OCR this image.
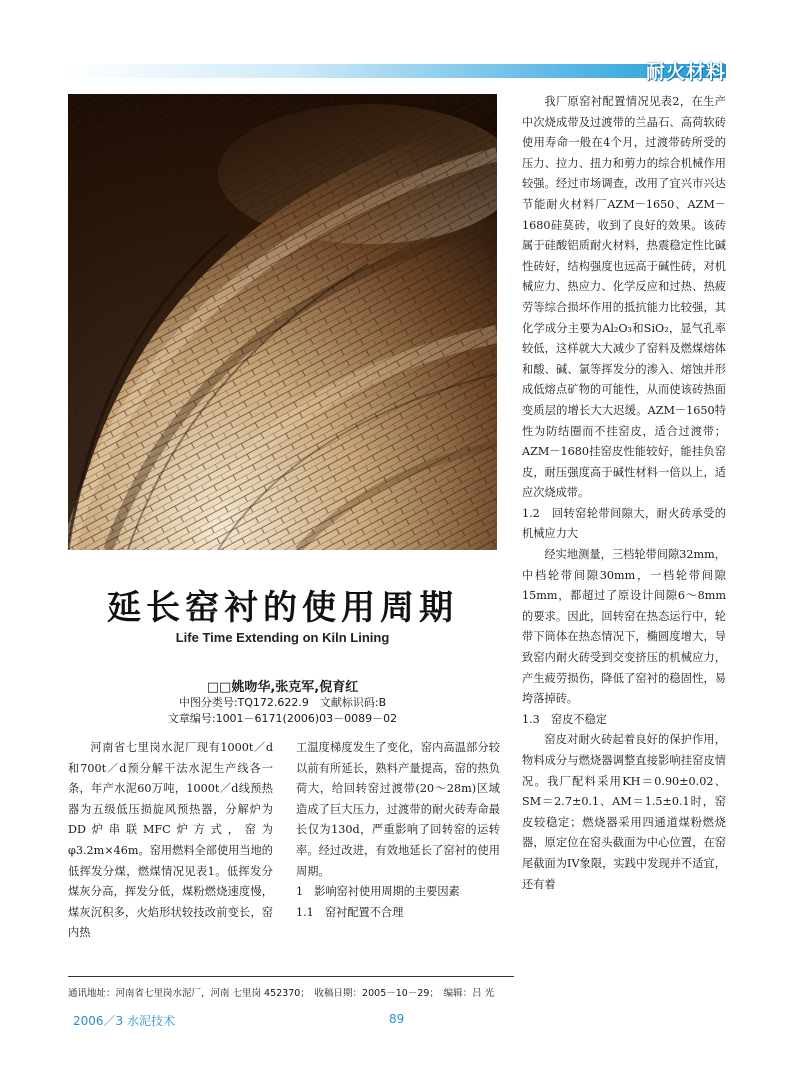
耐火材料
延长窑衬的使用周期
Life Time Extending on Kiln Lining
□□姚吻华,张克军,倪育红
中图分类号:TQ172.622.9　文献标识码:B
文章编号:1001－6171(2006)03－0089－02

河南省七里岗水泥厂现有1000t／d和700t／d预分解干法水泥生产线各一条，年产水泥60万吨，1000t／d线预热器为五级低压损旋风预热器，分解炉为DD炉串联MFC炉方式，窑为φ3.2m×46m。窑用燃料全部使用当地的低挥发分煤，燃煤情况见表1。低挥发分煤灰分高，挥发分低，煤粉燃烧速度慢，煤灰沉积多，火焰形状较技改前变长，窑内热

工温度梯度发生了变化，窑内高温部分较以前有所延长，熟料产量提高，窑的热负荷大，给回转窑过渡带(20～28m)区域造成了巨大压力，过渡带的耐火砖寿命最长仅为130d，严重影响了回转窑的运转率。经过改进，有效地延长了窑衬的使用周期。

1　影响窑衬使用周期的主要因素

1.1　窑衬配置不合理

我厂原窑衬配置情况见表2，在生产中次烧成带及过渡带的兰晶石、高荷软砖使用寿命一般在4个月，过渡带砖所受的压力、拉力、扭力和剪力的综合机械作用较强。经过市场调查，改用了宜兴市兴达节能耐火材料厂AZM－1650、AZM－1680硅莫砖，收到了良好的效果。该砖属于硅酸铝质耐火材料，热震稳定性比碱性砖好，结构强度也远高于碱性砖，对机械应力、热应力、化学反应和过热、热疲劳等综合损坏作用的抵抗能力比较强，其化学成分主要为Al₂O₃和SiO₂，显气孔率较低，这样就大大减少了窑料及燃煤熔体和酸、碱、氯等挥发分的渗入、熔蚀并形成低熔点矿物的可能性，从而使该砖热面变质层的增长大大迟缓。AZM－1650特性为防结圈而不挂窑皮，适合过渡带；AZM－1680挂窑皮性能较好，能挂负窑皮，耐压强度高于碱性材料一倍以上，适应次烧成带。

1.2　回转窑轮带间隙大，耐火砖承受的机械应力大

经实地测量，三档轮带间隙32mm，中档轮带间隙30mm，一档轮带间隙15mm，都超过了原设计间隙6～8mm的要求。因此，回转窑在热态运行中，轮带下筒体在热态情况下，椭圆度增大，导致窑内耐火砖受到交变挤压的机械应力，产生疲劳损伤，降低了窑衬的稳固性，易垮落掉砖。

1.3　窑皮不稳定

窑皮对耐火砖起着良好的保护作用，物料成分与燃烧器调整直接影响挂窑皮情况。我厂配料采用KH＝0.90±0.02、SM＝2.7±0.1、AM＝1.5±0.1时，窑皮较稳定；燃烧器采用四通道煤粉燃烧器，原定位在窑头截面为中心位置，在窑尾截面为IV象限，实践中发现并不适宜，还有着

通讯地址：河南省七里岗水泥厂，河南 七里岗 452370；　收稿日期：2005－10－29；　编辑：吕 光
2006／3 水泥技术	89
